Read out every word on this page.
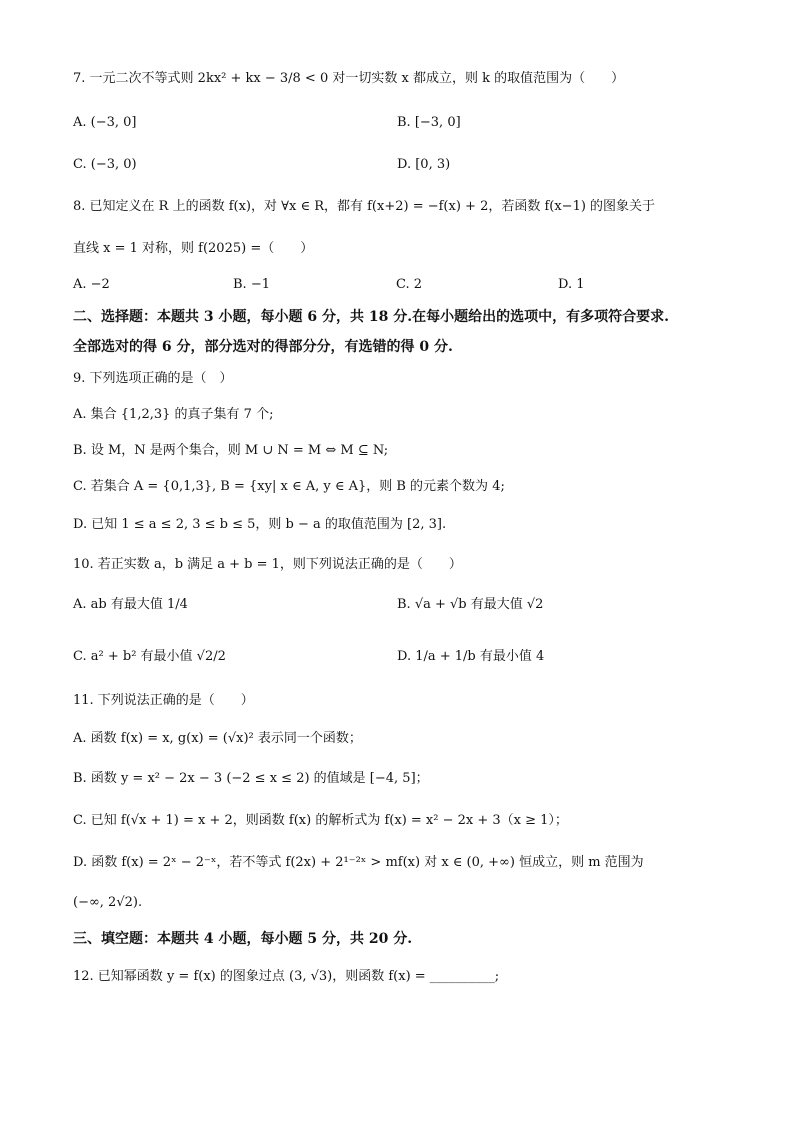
7. 一元二次不等式则 2kx² + kx − 3/8 < 0 对一切实数 x 都成立，则 k 的取值范围为（　　）
A. (−3, 0]	B. [−3, 0]
C. (−3, 0)	D. [0, 3)
8. 已知定义在 R 上的函数 f(x)，对 ∀x ∈ R，都有 f(x+2) = −f(x) + 2，若函数 f(x−1) 的图象关于
直线 x = 1 对称，则 f(2025) =（　　）
A. −2	B. −1	C. 2	D. 1
二、选择题：本题共 3 小题，每小题 6 分，共 18 分.在每小题给出的选项中，有多项符合要求.
全部选对的得 6 分，部分选对的得部分分，有选错的得 0 分.
9. 下列选项正确的是（　）
A. 集合 {1,2,3} 的真子集有 7 个;
B. 设 M，N 是两个集合，则 M ∪ N = M ⇔ M ⊆ N;
C. 若集合 A = {0,1,3}, B = {xy| x ∈ A, y ∈ A}，则 B 的元素个数为 4;
D. 已知 1 ≤ a ≤ 2, 3 ≤ b ≤ 5，则 b − a 的取值范围为 [2, 3].
10. 若正实数 a，b 满足 a + b = 1，则下列说法正确的是（　　）
A. ab 有最大值 1/4	B. √a + √b 有最大值 √2
C. a² + b² 有最小值 √2/2	D. 1/a + 1/b 有最小值 4
11. 下列说法正确的是（　　）
A. 函数 f(x) = x, g(x) = (√x)² 表示同一个函数；
B. 函数 y = x² − 2x − 3 (−2 ≤ x ≤ 2) 的值域是 [−4, 5]；
C. 已知 f(√x + 1) = x + 2，则函数 f(x) 的解析式为 f(x) = x² − 2x + 3（x ≥ 1）；
D. 函数 f(x) = 2ˣ − 2⁻ˣ，若不等式 f(2x) + 2¹⁻²ˣ > mf(x) 对 x ∈ (0, +∞) 恒成立，则 m 范围为
(−∞, 2√2).
三、填空题：本题共 4 小题，每小题 5 分，共 20 分.
12. 已知幂函数 y = f(x) 的图象过点 (3, √3)，则函数 f(x) = __________;
